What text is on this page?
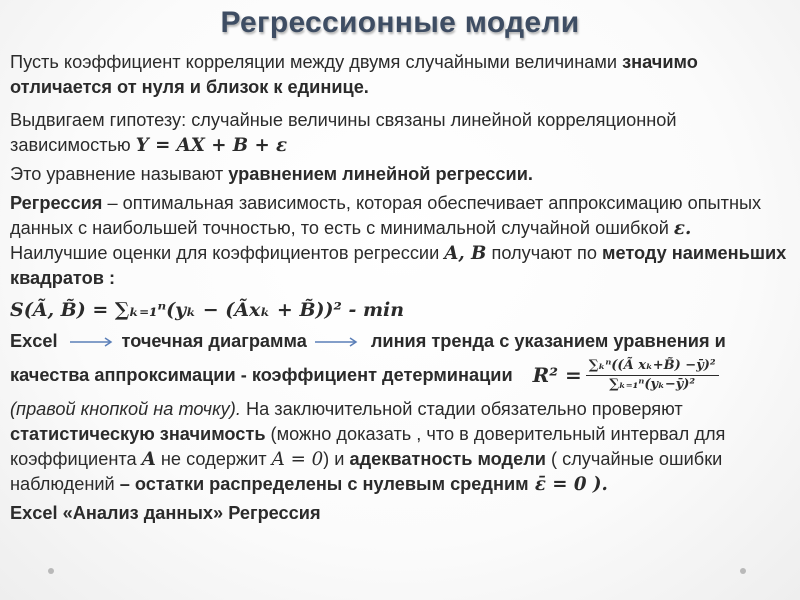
Регрессионные модели

Пусть коэффициент корреляции между двумя случайными величинами значимо отличается от нуля и близок к единице.

Выдвигаем гипотезу: случайные величины связаны линейной корреляционной зависимостью Y = AX + B + ε

Это уравнение называют уравнением линейной регрессии.

Регрессия – оптимальная зависимость, которая обеспечивает аппроксимацию опытных данных с наибольшей точностью, то есть с минимальной случайной ошибкой ε. Наилучшие оценки для коэффициентов регрессии A, B получают по методу наименьших квадратов :

S(Ã, B̃) = ∑ₖ₌₁ⁿ(yₖ − (Ãxₖ + B̃))² - min

Excel	точечная диаграмма	линия тренда с указанием уравнения и
качества аппроксимации - коэффициент детерминации $R^2 = \frac{\text{∑ₖⁿ((Ã xₖ+B̃) −ȳ)²}}{\text{∑ₖ₌₁ⁿ(yₖ−ȳ)²}}$

(правой кнопкой на точку). На заключительной стадии обязательно проверяют статистическую значимость (можно доказать , что в доверительный интервал для коэффициента A не содержит A = 0) и адекватность модели ( случайные ошибки наблюдений – остатки распределены с нулевым средним ε̄ = 0 ).

Excel «Анализ данных» Регрессия
